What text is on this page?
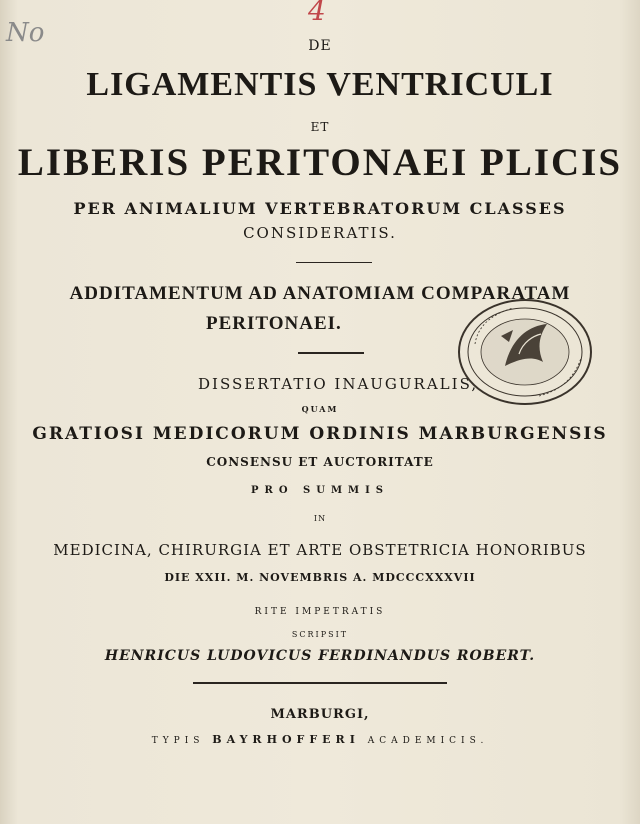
No
4
DE
LIGAMENTIS VENTRICULI
ET
LIBERIS PERITONAEI PLICIS
PER ANIMALIUM VERTEBRATORUM CLASSES
CONSIDERATIS.
ADDITAMENTUM AD ANATOMIAM COMPARATAM
PERITONAEI.
DISSERTATIO INAUGURALIS,
QUAM
GRATIOSI MEDICORUM ORDINIS MARBURGENSIS
CONSENSU ET AUCTORITATE
PRO SUMMIS
IN
MEDICINA, CHIRURGIA ET ARTE OBSTETRICIA HONORIBUS
DIE XXII. M. NOVEMBRIS A. MDCCCXXXVII
RITE IMPETRATIS
SCRIPSIT
HENRICUS LUDOVICUS FERDINANDUS ROBERT.
MARBURGI,
TYPIS BAYRHOFFERI ACADEMICIS.
